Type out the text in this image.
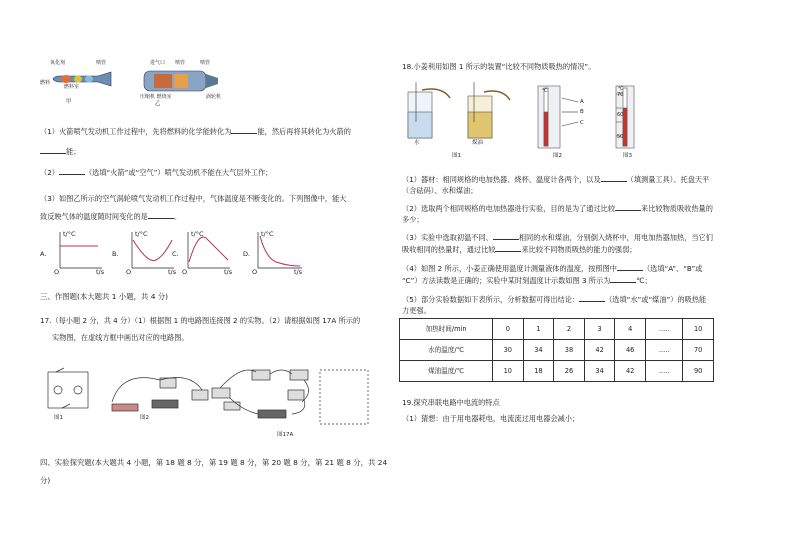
氧化剂
燃料
燃料室
喷管
甲
进气口 喷管
压缩机 燃烧室	涡轮机
喷管
乙
（1）火箭喷气发动机工作过程中，先将燃料的化学能转化为	能，然后再将其转化为火箭的
能；
（2）	（选填“火箭”或“空气”）喷气发动机不能在大气层外工作；
（3）如图乙所示的空气涡轮喷气发动机工作过程中，气体温度是不断变化的。下列图像中，能大
致反映气体的温度随时间变化的是	。
A.
t/°C
O	t/s
B.
t/°C
O	t/s
C.
t/°C
O	t/s
D.
t/°C
O	t/s
三、作图题(本大题共 1 小题，共 4 分)
17.（每小题 2 分，共 4 分）（1）根据图 1 的电路图连接图 2 的实物。（2）请根据如图 17A 所示的
实物图，在虚线方框中画出对应的电路图。
图1	图2
图17A
四、实验探究题(本大题共 4 小题，第 18 题 8 分，第 19 题 8 分，第 20 题 8 分，第 21 题 8 分，共 24
分)
18.小姜利用如图 1 所示的装置“比较不同物质吸热的情况”。
水	煤油
图1
℃
A
B
C
图2
℃
70
60
50
图3
（1）器材：相同规格的电加热器、烧杯、温度计各两个，以及	（填测量工具）、托盘天平
（含砝码）、水和煤油；
（2）选取两个相同规格的电加热器进行实验，目的是为了通过比较	来比较物质吸收热量的
多少；
（3）实验中选取初温不同、	相同的水和煤油，分别倒入烧杯中，用电加热器加热，当它们
吸收相同的热量时，通过比较	来比较不同物质吸热的能力的强弱；
（4）如图 2 所示，小姜正确使用温度计测量液体的温度，按照图中	（选填“A”、“B”或
“C”）方法读数是正确的；实验中某时刻温度计示数如图 3 所示为	℃；
（5）部分实验数据如下表所示，分析数据可得出结论：	（选填“水”或“煤油”）的吸热能
力更强。
加热时间/min	0	1	2	3	4	.....	10
水的温度/℃	30	34	38	42	46	.....	70
煤油温度/℃	10	18	26	34	42	.....	90
19.探究串联电路中电流的特点
（1）猜想：由于用电器耗电，电流流过用电器会减小；
